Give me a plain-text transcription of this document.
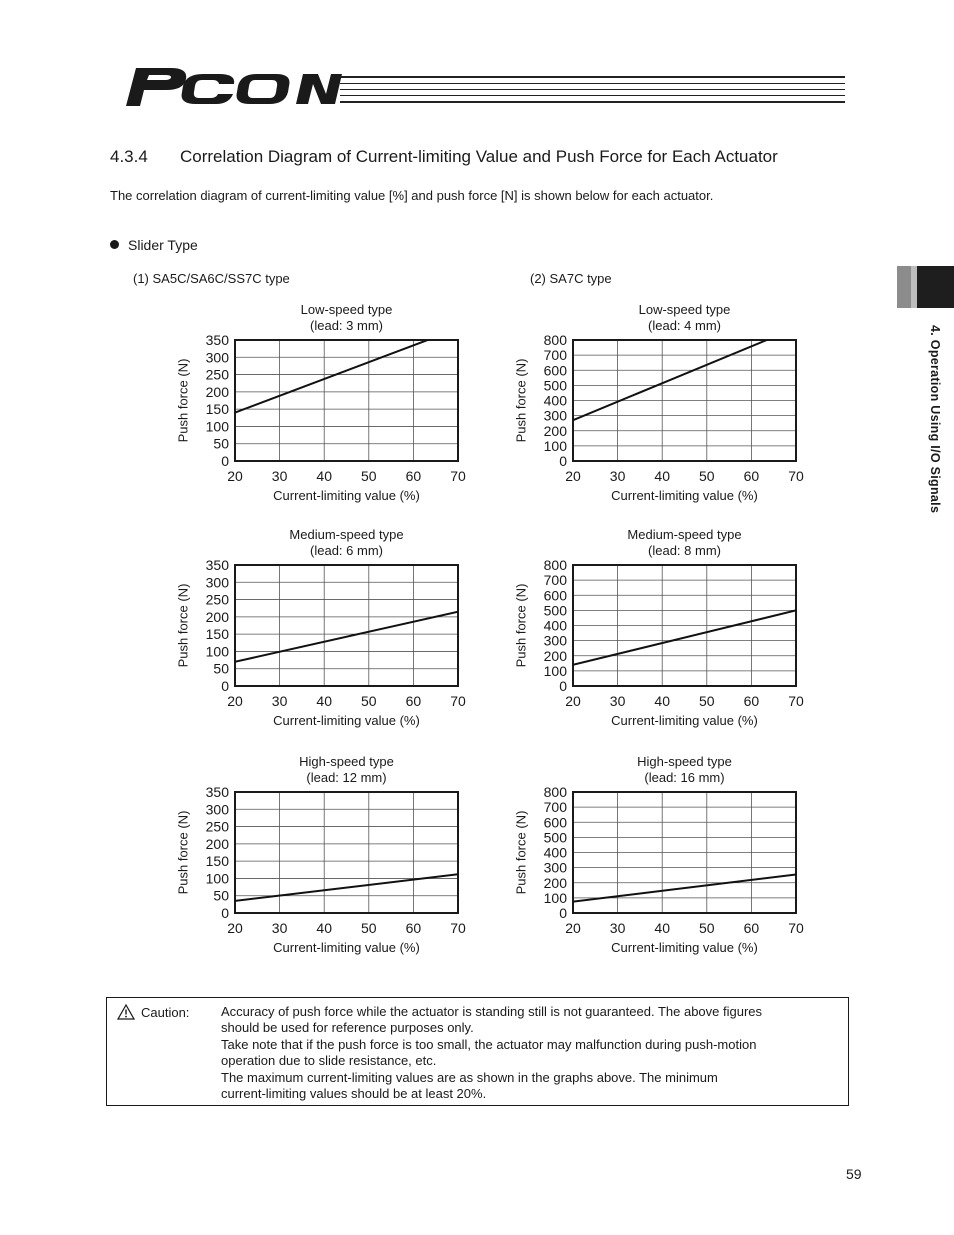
4.3.4 Correlation Diagram of Current-limiting Value and Push Force for Each Actuator
The correlation diagram of current-limiting value [%] and push force [N] is shown below for each actuator.
Slider Type
(1) SA5C/SA6C/SS7C type	(2) SA7C type
4. Operation Using I/O Signals
Low-speed type
(lead: 3 mm)
0
50
100
150
200
250
300
350
20 30 40 50 60 70
Current-limiting value (%)
Push force (N)
Low-speed type
(lead: 4 mm)
0
100
200
300
400
500
600
700
800
20 30 40 50 60 70
Current-limiting value (%)
Push force (N)
Medium-speed type
(lead: 6 mm)
0
50
100
150
200
250
300
350
20 30 40 50 60 70
Current-limiting value (%)
Push force (N)
Medium-speed type
(lead: 8 mm)
0
100
200
300
400
500
600
700
800
20 30 40 50 60 70
Current-limiting value (%)
Push force (N)
High-speed type
(lead: 12 mm)
0
50
100
150
200
250
300
350
20 30 40 50 60 70
Current-limiting value (%)
Push force (N)
High-speed type
(lead: 16 mm)
0
100
200
300
400
500
600
700
800
20 30 40 50 60 70
Current-limiting value (%)
Push force (N)
Caution: Accuracy of push force while the actuator is standing still is not guaranteed. The above figures
should be used for reference purposes only.
Take note that if the push force is too small, the actuator may malfunction during push-motion
operation due to slide resistance, etc.
The maximum current-limiting values are as shown in the graphs above. The minimum
current-limiting values should be at least 20%.
59
